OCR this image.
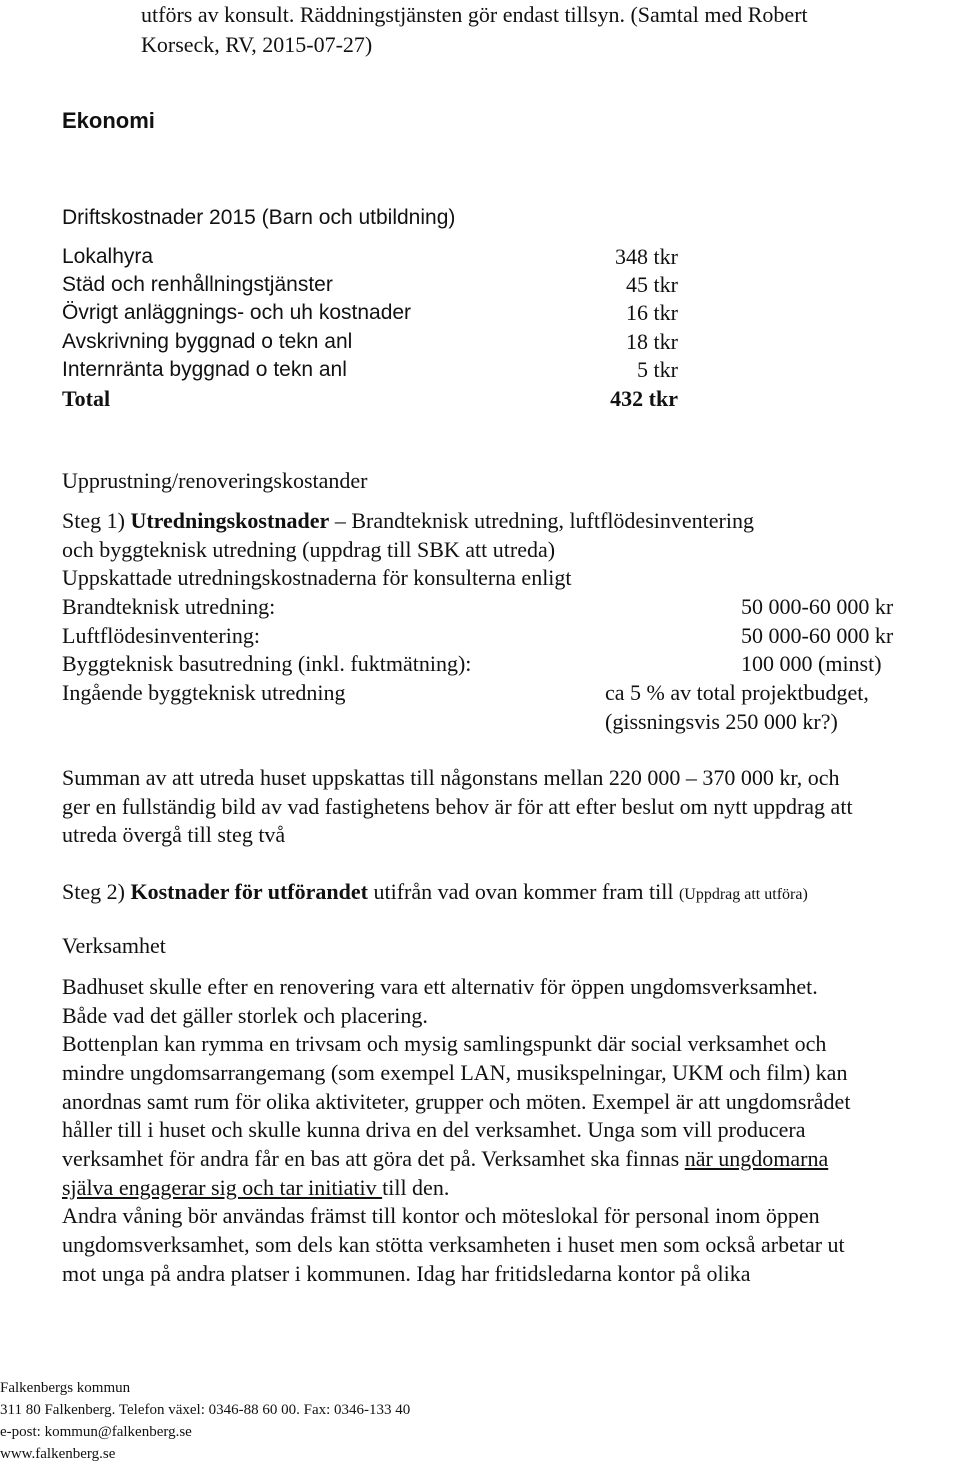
utförs av konsult. Räddningstjänsten gör endast tillsyn. (Samtal med Robert
Korseck, RV, 2015-07-27)
Ekonomi
Driftskostnader 2015 (Barn och utbildning)
Lokalhyra	348 tkr
Städ och renhållningstjänster	45 tkr
Övrigt anläggnings- och uh kostnader	16 tkr
Avskrivning byggnad o tekn anl	18 tkr
Internränta byggnad o tekn anl	5 tkr
Total	432 tkr
Upprustning/renoveringskostander
Steg 1) Utredningskostnader – Brandteknisk utredning, luftflödesinventering
och byggteknisk utredning (uppdrag till SBK att utreda)
Uppskattade utredningskostnaderna för konsulterna enligt
Brandteknisk utredning:	50 000-60 000 kr
Luftflödesinventering:	50 000-60 000 kr
Byggteknisk basutredning (inkl. fuktmätning):	100 000 (minst)
Ingående byggteknisk utredning	ca 5 % av total projektbudget,
(gissningsvis 250 000 kr?)
Summan av att utreda huset uppskattas till någonstans mellan 220 000 – 370 000 kr, och
ger en fullständig bild av vad fastighetens behov är för att efter beslut om nytt uppdrag att
utreda övergå till steg två
Steg 2) Kostnader för utförandet utifrån vad ovan kommer fram till (Uppdrag att utföra)
Verksamhet
Badhuset skulle efter en renovering vara ett alternativ för öppen ungdomsverksamhet.
Både vad det gäller storlek och placering.
Bottenplan kan rymma en trivsam och mysig samlingspunkt där social verksamhet och
mindre ungdomsarrangemang (som exempel LAN, musikspelningar, UKM och film) kan
anordnas samt rum för olika aktiviteter, grupper och möten. Exempel är att ungdomsrådet
håller till i huset och skulle kunna driva en del verksamhet. Unga som vill producera
verksamhet för andra får en bas att göra det på. Verksamhet ska finnas när ungdomarna
själva engagerar sig och tar initiativ till den.
Andra våning bör användas främst till kontor och möteslokal för personal inom öppen
ungdomsverksamhet, som dels kan stötta verksamheten i huset men som också arbetar ut
mot unga på andra platser i kommunen. Idag har fritidsledarna kontor på olika
Falkenbergs kommun
311 80 Falkenberg. Telefon växel: 0346-88 60 00. Fax: 0346-133 40
e-post: kommun@falkenberg.se
www.falkenberg.se
